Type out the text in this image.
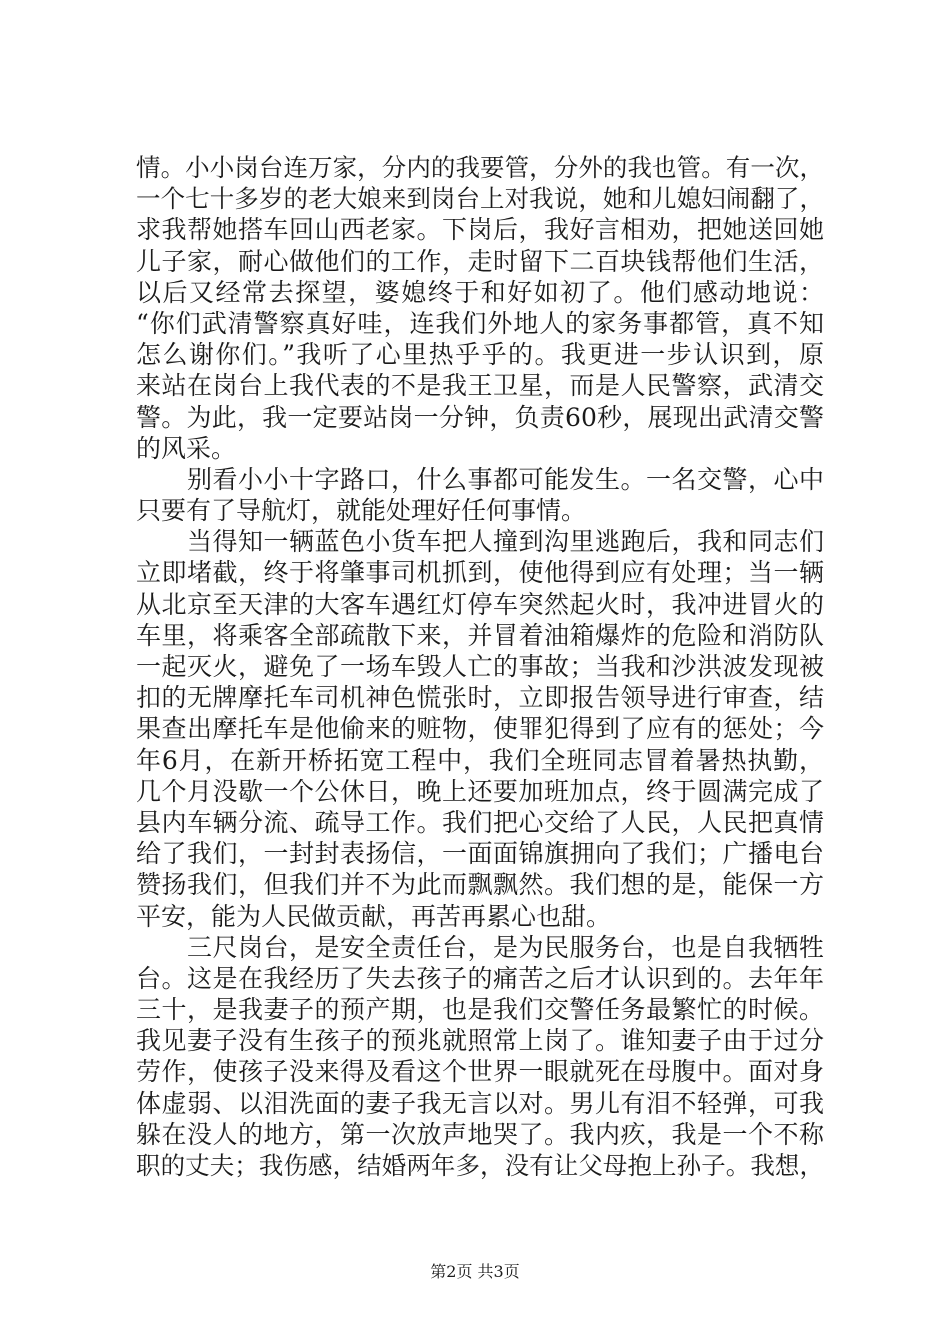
情。小小岗台连万家，分内的我要管，分外的我也管。有一次，
一个七十多岁的老大娘来到岗台上对我说，她和儿媳妇闹翻了，
求我帮她搭车回山西老家。下岗后，我好言相劝，把她送回她
儿子家，耐心做他们的工作，走时留下二百块钱帮他们生活，
以后又经常去探望，婆媳终于和好如初了。他们感动地说：
“你们武清警察真好哇，连我们外地人的家务事都管，真不知
怎么谢你们。”我听了心里热乎乎的。我更进一步认识到，原
来站在岗台上我代表的不是我王卫星，而是人民警察，武清交
警。为此，我一定要站岗一分钟，负责60秒，展现出武清交警
的风采。
　　别看小小十字路口，什么事都可能发生。一名交警，心中
只要有了导航灯，就能处理好任何事情。
　　当得知一辆蓝色小货车把人撞到沟里逃跑后，我和同志们
立即堵截，终于将肇事司机抓到，使他得到应有处理；当一辆
从北京至天津的大客车遇红灯停车突然起火时，我冲进冒火的
车里，将乘客全部疏散下来，并冒着油箱爆炸的危险和消防队
一起灭火，避免了一场车毁人亡的事故；当我和沙洪波发现被
扣的无牌摩托车司机神色慌张时，立即报告领导进行审查，结
果查出摩托车是他偷来的赃物，使罪犯得到了应有的惩处；今
年6月，在新开桥拓宽工程中，我们全班同志冒着暑热执勤，
几个月没歇一个公休日，晚上还要加班加点，终于圆满完成了
县内车辆分流、疏导工作。我们把心交给了人民，人民把真情
给了我们，一封封表扬信，一面面锦旗拥向了我们；广播电台
赞扬我们，但我们并不为此而飘飘然。我们想的是，能保一方
平安，能为人民做贡献，再苦再累心也甜。
　　三尺岗台，是安全责任台，是为民服务台，也是自我牺牲
台。这是在我经历了失去孩子的痛苦之后才认识到的。去年年
三十，是我妻子的预产期，也是我们交警任务最繁忙的时候。
我见妻子没有生孩子的预兆就照常上岗了。谁知妻子由于过分
劳作，使孩子没来得及看这个世界一眼就死在母腹中。面对身
体虚弱、以泪洗面的妻子我无言以对。男儿有泪不轻弹，可我
躲在没人的地方，第一次放声地哭了。我内疚，我是一个不称
职的丈夫；我伤感，结婚两年多，没有让父母抱上孙子。我想，
第2页 共3页
